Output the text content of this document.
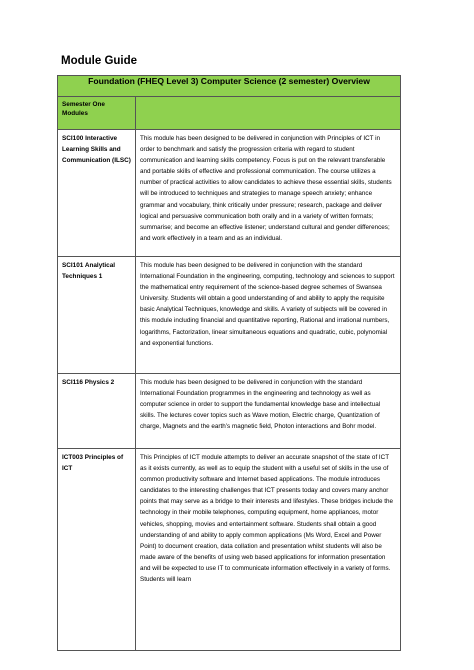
Module Guide
Foundation (FHEQ Level 3) Computer Science (2 semester) Overview	
Semester One Modules	
SCI100 Interactive Learning Skills and Communication (ILSC)	This module has been designed to be delivered in conjunction with Principles of ICT in order to benchmark and satisfy the progression criteria with regard to student communication and learning skills competency. Focus is put on the relevant transferable and portable skills of effective and professional communication. The course utilizes a number of practical activities to allow candidates to achieve these essential skills, students will be introduced to techniques and strategies to manage speech anxiety; enhance grammar and vocabulary, think critically under pressure; research, package and deliver logical and persuasive communication both orally and in a variety of written formats; summarise; and become an effective listener; understand cultural and gender differences; and work effectively in a team and as an individual.
SCI101 Analytical Techniques 1	This module has been designed to be delivered in conjunction with the standard International Foundation in the engineering, computing, technology and sciences to support the mathematical entry requirement of the science-based degree schemes of Swansea University. Students will obtain a good understanding of and ability to apply the requisite basic Analytical Techniques, knowledge and skills. A variety of subjects will be covered in this module including financial and quantitative reporting, Rational and irrational numbers, logarithms, Factorization, linear simultaneous equations and quadratic, cubic, polynomial and exponential functions.
SCI116 Physics 2	This module has been designed to be delivered in conjunction with the standard International Foundation programmes in the engineering and technology as well as computer science in order to support the fundamental knowledge base and intellectual skills. The lectures cover topics such as Wave motion, Electric charge, Quantization of charge, Magnets and the earth’s magnetic field, Photon interactions and Bohr model.
ICT003 Principles of ICT	This Principles of ICT module attempts to deliver an accurate snapshot of the state of ICT as it exists currently, as well as to equip the student with a useful set of skills in the use of common productivity software and Internet based applications. The module introduces candidates to the interesting challenges that ICT presents today and covers many anchor points that may serve as a bridge to their interests and lifestyles. These bridges include the technology in their mobile telephones, computing equipment, home appliances, motor vehicles, shopping, movies and entertainment software. Students shall obtain a good understanding of and ability to apply common applications (Ms Word, Excel and Power Point) to document creation, data collation and presentation whilst students will also be made aware of the benefits of using web based applications for information presentation and will be expected to use IT to communicate information effectively in a variety of forms. Students will learn
